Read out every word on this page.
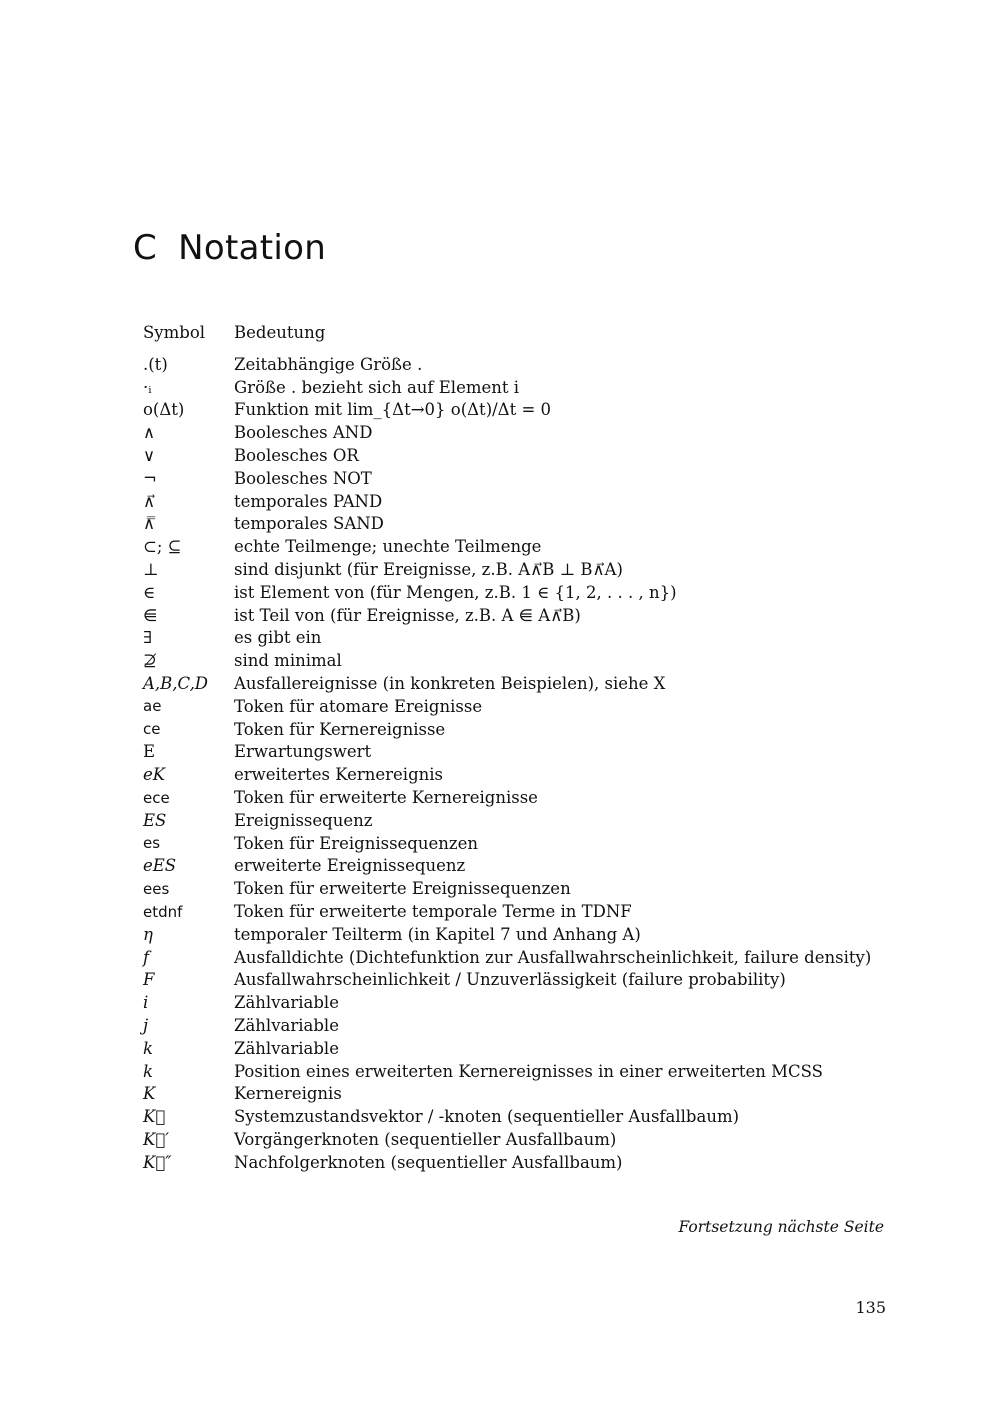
C Notation
Symbol	Bedeutung
.(t)	Zeitabhängige Größe .
·ᵢ	Größe . bezieht sich auf Element i
o(Δt)	Funktion mit lim_{Δt→0} o(Δt)/Δt = 0
∧	Boolesches AND
∨	Boolesches OR
¬	Boolesches NOT
∧⃗	temporales PAND
∧̿	temporales SAND
⊂; ⊆	echte Teilmenge; unechte Teilmenge
⊥	sind disjunkt (für Ereignisse, z.B. A∧⃗B ⊥ B∧⃗A)
∈	ist Element von (für Mengen, z.B. 1 ∈ {1, 2, . . . , n})
⋹	ist Teil von (für Ereignisse, z.B. A ⋹ A∧⃗B)
∃	es gibt ein
⊉	sind minimal
A,B,C,D	Ausfallereignisse (in konkreten Beispielen), siehe X
ae	Token für atomare Ereignisse
ce	Token für Kernereignisse
E	Erwartungswert
eK	erweitertes Kernereignis
ece	Token für erweiterte Kernereignisse
ES	Ereignissequenz
es	Token für Ereignissequenzen
eES	erweiterte Ereignissequenz
ees	Token für erweiterte Ereignissequenzen
etdnf	Token für erweiterte temporale Terme in TDNF
η	temporaler Teilterm (in Kapitel 7 und Anhang A)
f	Ausfalldichte (Dichtefunktion zur Ausfallwahrscheinlichkeit, failure density)
F	Ausfallwahrscheinlichkeit / Unzuverlässigkeit (failure probability)
i	Zählvariable
j	Zählvariable
k	Zählvariable
k	Position eines erweiterten Kernereignisses in einer erweiterten MCSS
K	Kernereignis
K⃗	Systemzustandsvektor / -knoten (sequentieller Ausfallbaum)
K⃗′	Vorgängerknoten (sequentieller Ausfallbaum)
K⃗″	Nachfolgerknoten (sequentieller Ausfallbaum)
Fortsetzung nächste Seite
135
